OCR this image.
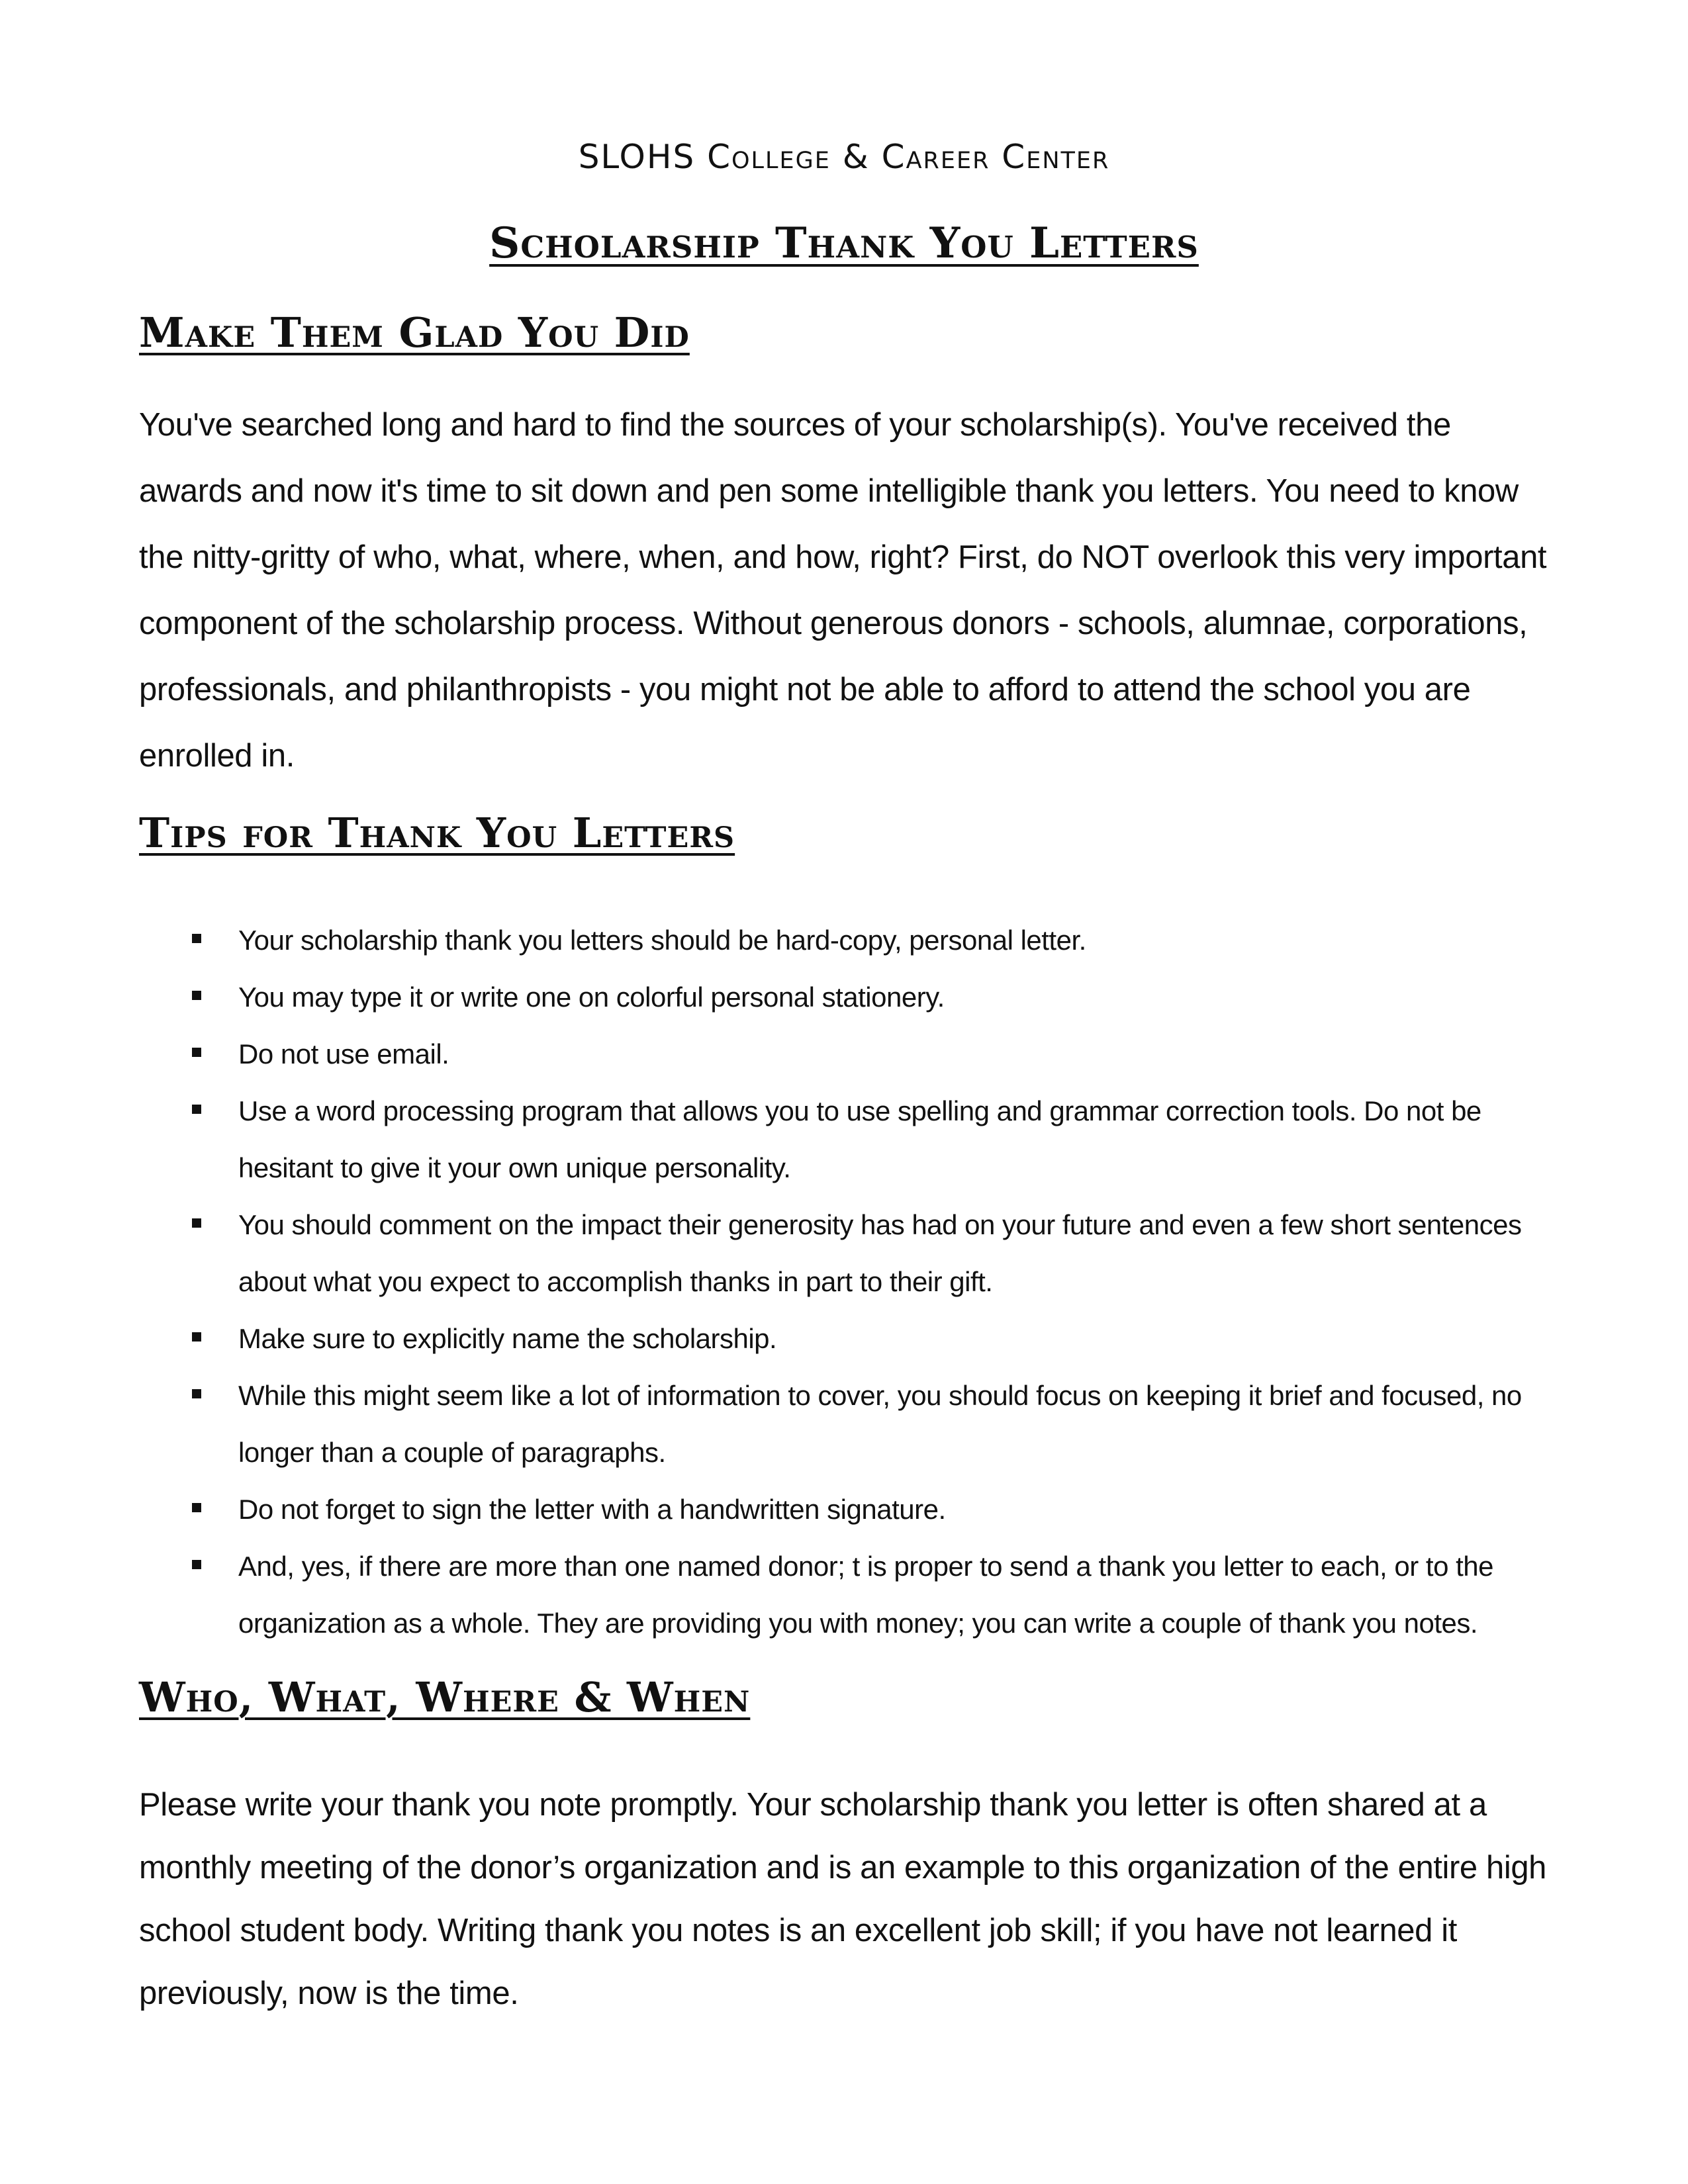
SLOHS College & Career Center
Scholarship Thank You Letters
Make Them Glad You Did

You've searched long and hard to find the sources of your scholarship(s). You've received the awards and now it's time to sit down and pen some intelligible thank you letters. You need to know the nitty-gritty of who, what, where, when, and how, right? First, do NOT overlook this very important component of the scholarship process. Without generous donors - schools, alumnae, corporations, professionals, and philanthropists - you might not be able to afford to attend the school you are enrolled in.

Tips for Thank You Letters
Your scholarship thank you letters should be hard-copy, personal letter.
You may type it or write one on colorful personal stationery.
Do not use email.
Use a word processing program that allows you to use spelling and grammar correction tools. Do not be hesitant to give it your own unique personality.
You should comment on the impact their generosity has had on your future and even a few short sentences about what you expect to accomplish thanks in part to their gift.
Make sure to explicitly name the scholarship.
While this might seem like a lot of information to cover, you should focus on keeping it brief and focused, no longer than a couple of paragraphs.
Do not forget to sign the letter with a handwritten signature.
And, yes, if there are more than one named donor; t is proper to send a thank you letter to each, or to the organization as a whole. They are providing you with money; you can write a couple of thank you notes.
Who, What, Where & When

Please write your thank you note promptly. Your scholarship thank you letter is often shared at a monthly meeting of the donor’s organization and is an example to this organization of the entire high school student body. Writing thank you notes is an excellent job skill; if you have not learned it previously, now is the time.
